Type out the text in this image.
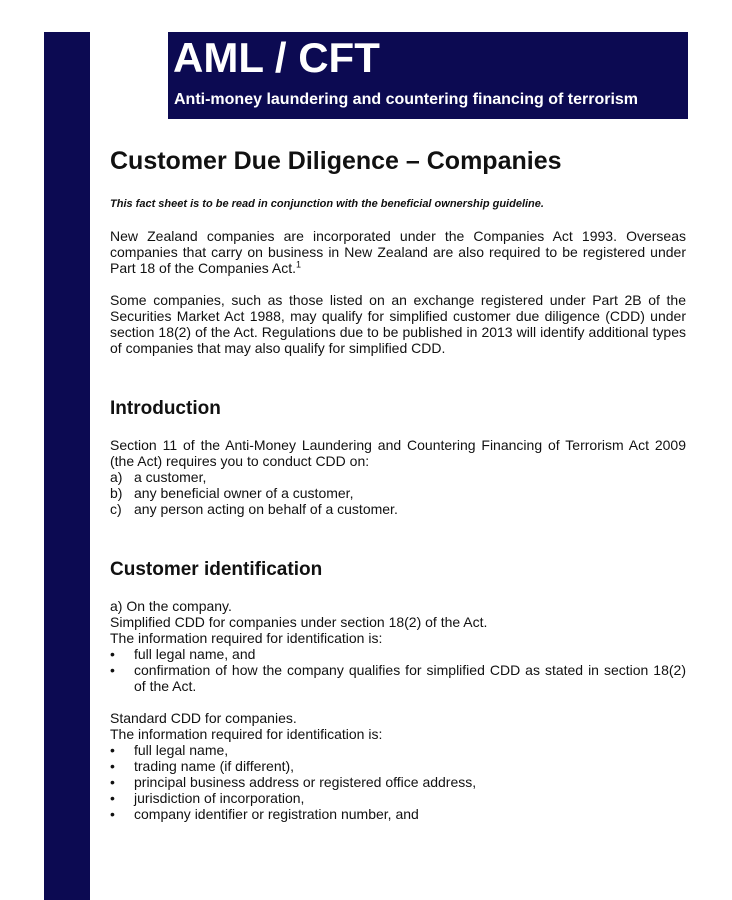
AML / CFT
Anti-money laundering and countering financing of terrorism
Customer Due Diligence – Companies
This fact sheet is to be read in conjunction with the beneficial ownership guideline.

New Zealand companies are incorporated under the Companies Act 1993. Overseas companies that carry on business in New Zealand are also required to be registered under Part 18 of the Companies Act.$^1$

Some companies, such as those listed on an exchange registered under Part 2B of the Securities Market Act 1988, may qualify for simplified customer due diligence (CDD) under section 18(2) of the Act. Regulations due to be published in 2013 will identify additional types of companies that may also qualify for simplified CDD.

Introduction

Section 11 of the Anti-Money Laundering and Countering Financing of Terrorism Act 2009 (the Act) requires you to conduct CDD on:

a) a customer,
b) any beneficial owner of a customer,
c) any person acting on behalf of a customer.
Customer identification
a) On the company.
Simplified CDD for companies under section 18(2) of the Act.
The information required for identification is:
•	full legal name, and
•	confirmation of how the company qualifies for simplified CDD as stated in section 18(2) of the Act.
Standard CDD for companies.
The information required for identification is:
•	full legal name,
•	trading name (if different),
•	principal business address or registered office address,
•	jurisdiction of incorporation,
•	company identifier or registration number, and
